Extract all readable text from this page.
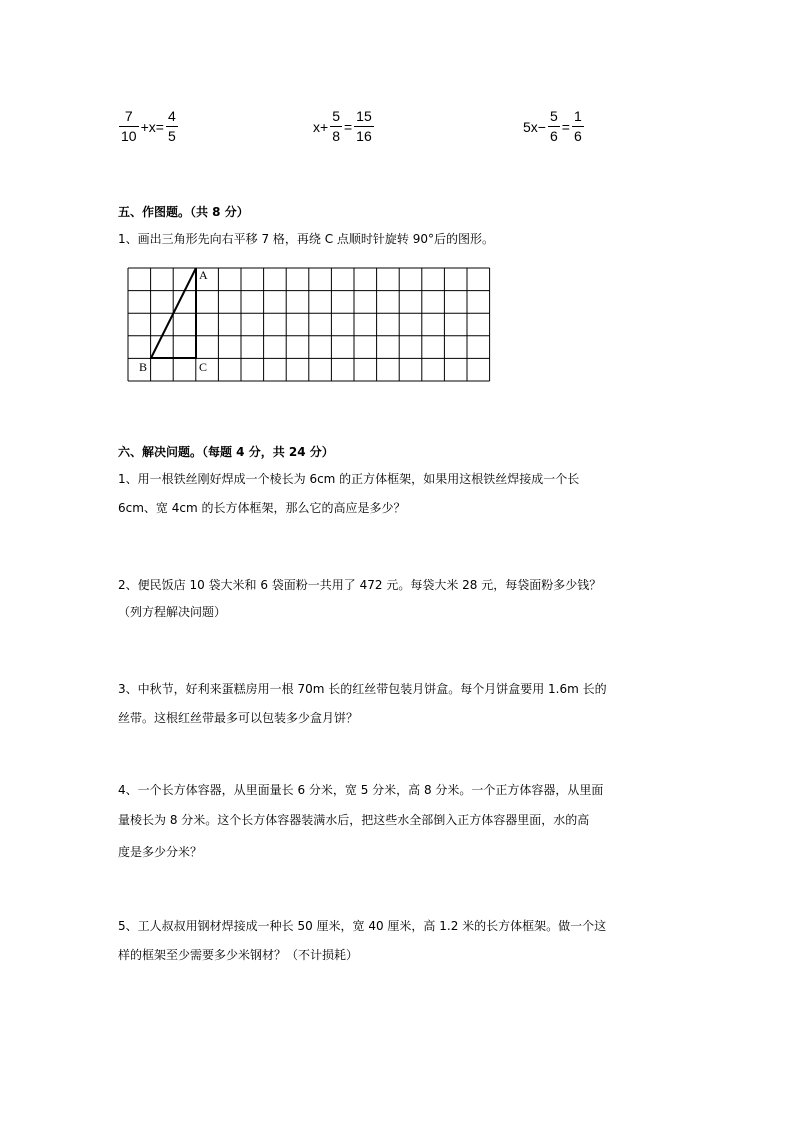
$\frac{7}{10} +x= \frac{4}{5}$	$x+ \frac{5}{8} = \frac{15}{16}$	$5x- \frac{5}{6} = \frac{1}{6}$
五、作图题。（共 8 分）
1、画出三角形先向右平移 7 格，再绕 C 点顺时针旋转 90°后的图形。
A
B	C
六、解决问题。（每题 4 分，共 24 分）
1、用一根铁丝刚好焊成一个棱长为 6cm 的正方体框架，如果用这根铁丝焊接成一个长
6cm、宽 4cm 的长方体框架，那么它的高应是多少？
2、便民饭店 10 袋大米和 6 袋面粉一共用了 472 元。每袋大米 28 元，每袋面粉多少钱？
（列方程解决问题）
3、中秋节，好利来蛋糕房用一根 70m 长的红丝带包装月饼盒。每个月饼盒要用 1.6m 长的
丝带。这根红丝带最多可以包装多少盒月饼？
4、一个长方体容器，从里面量长 6 分米，宽 5 分米，高 8 分米。一个正方体容器，从里面
量棱长为 8 分米。这个长方体容器装满水后，把这些水全部倒入正方体容器里面，水的高
度是多少分米？
5、工人叔叔用钢材焊接成一种长 50 厘米，宽 40 厘米，高 1.2 米的长方体框架。做一个这
样的框架至少需要多少米钢材？（不计损耗）
